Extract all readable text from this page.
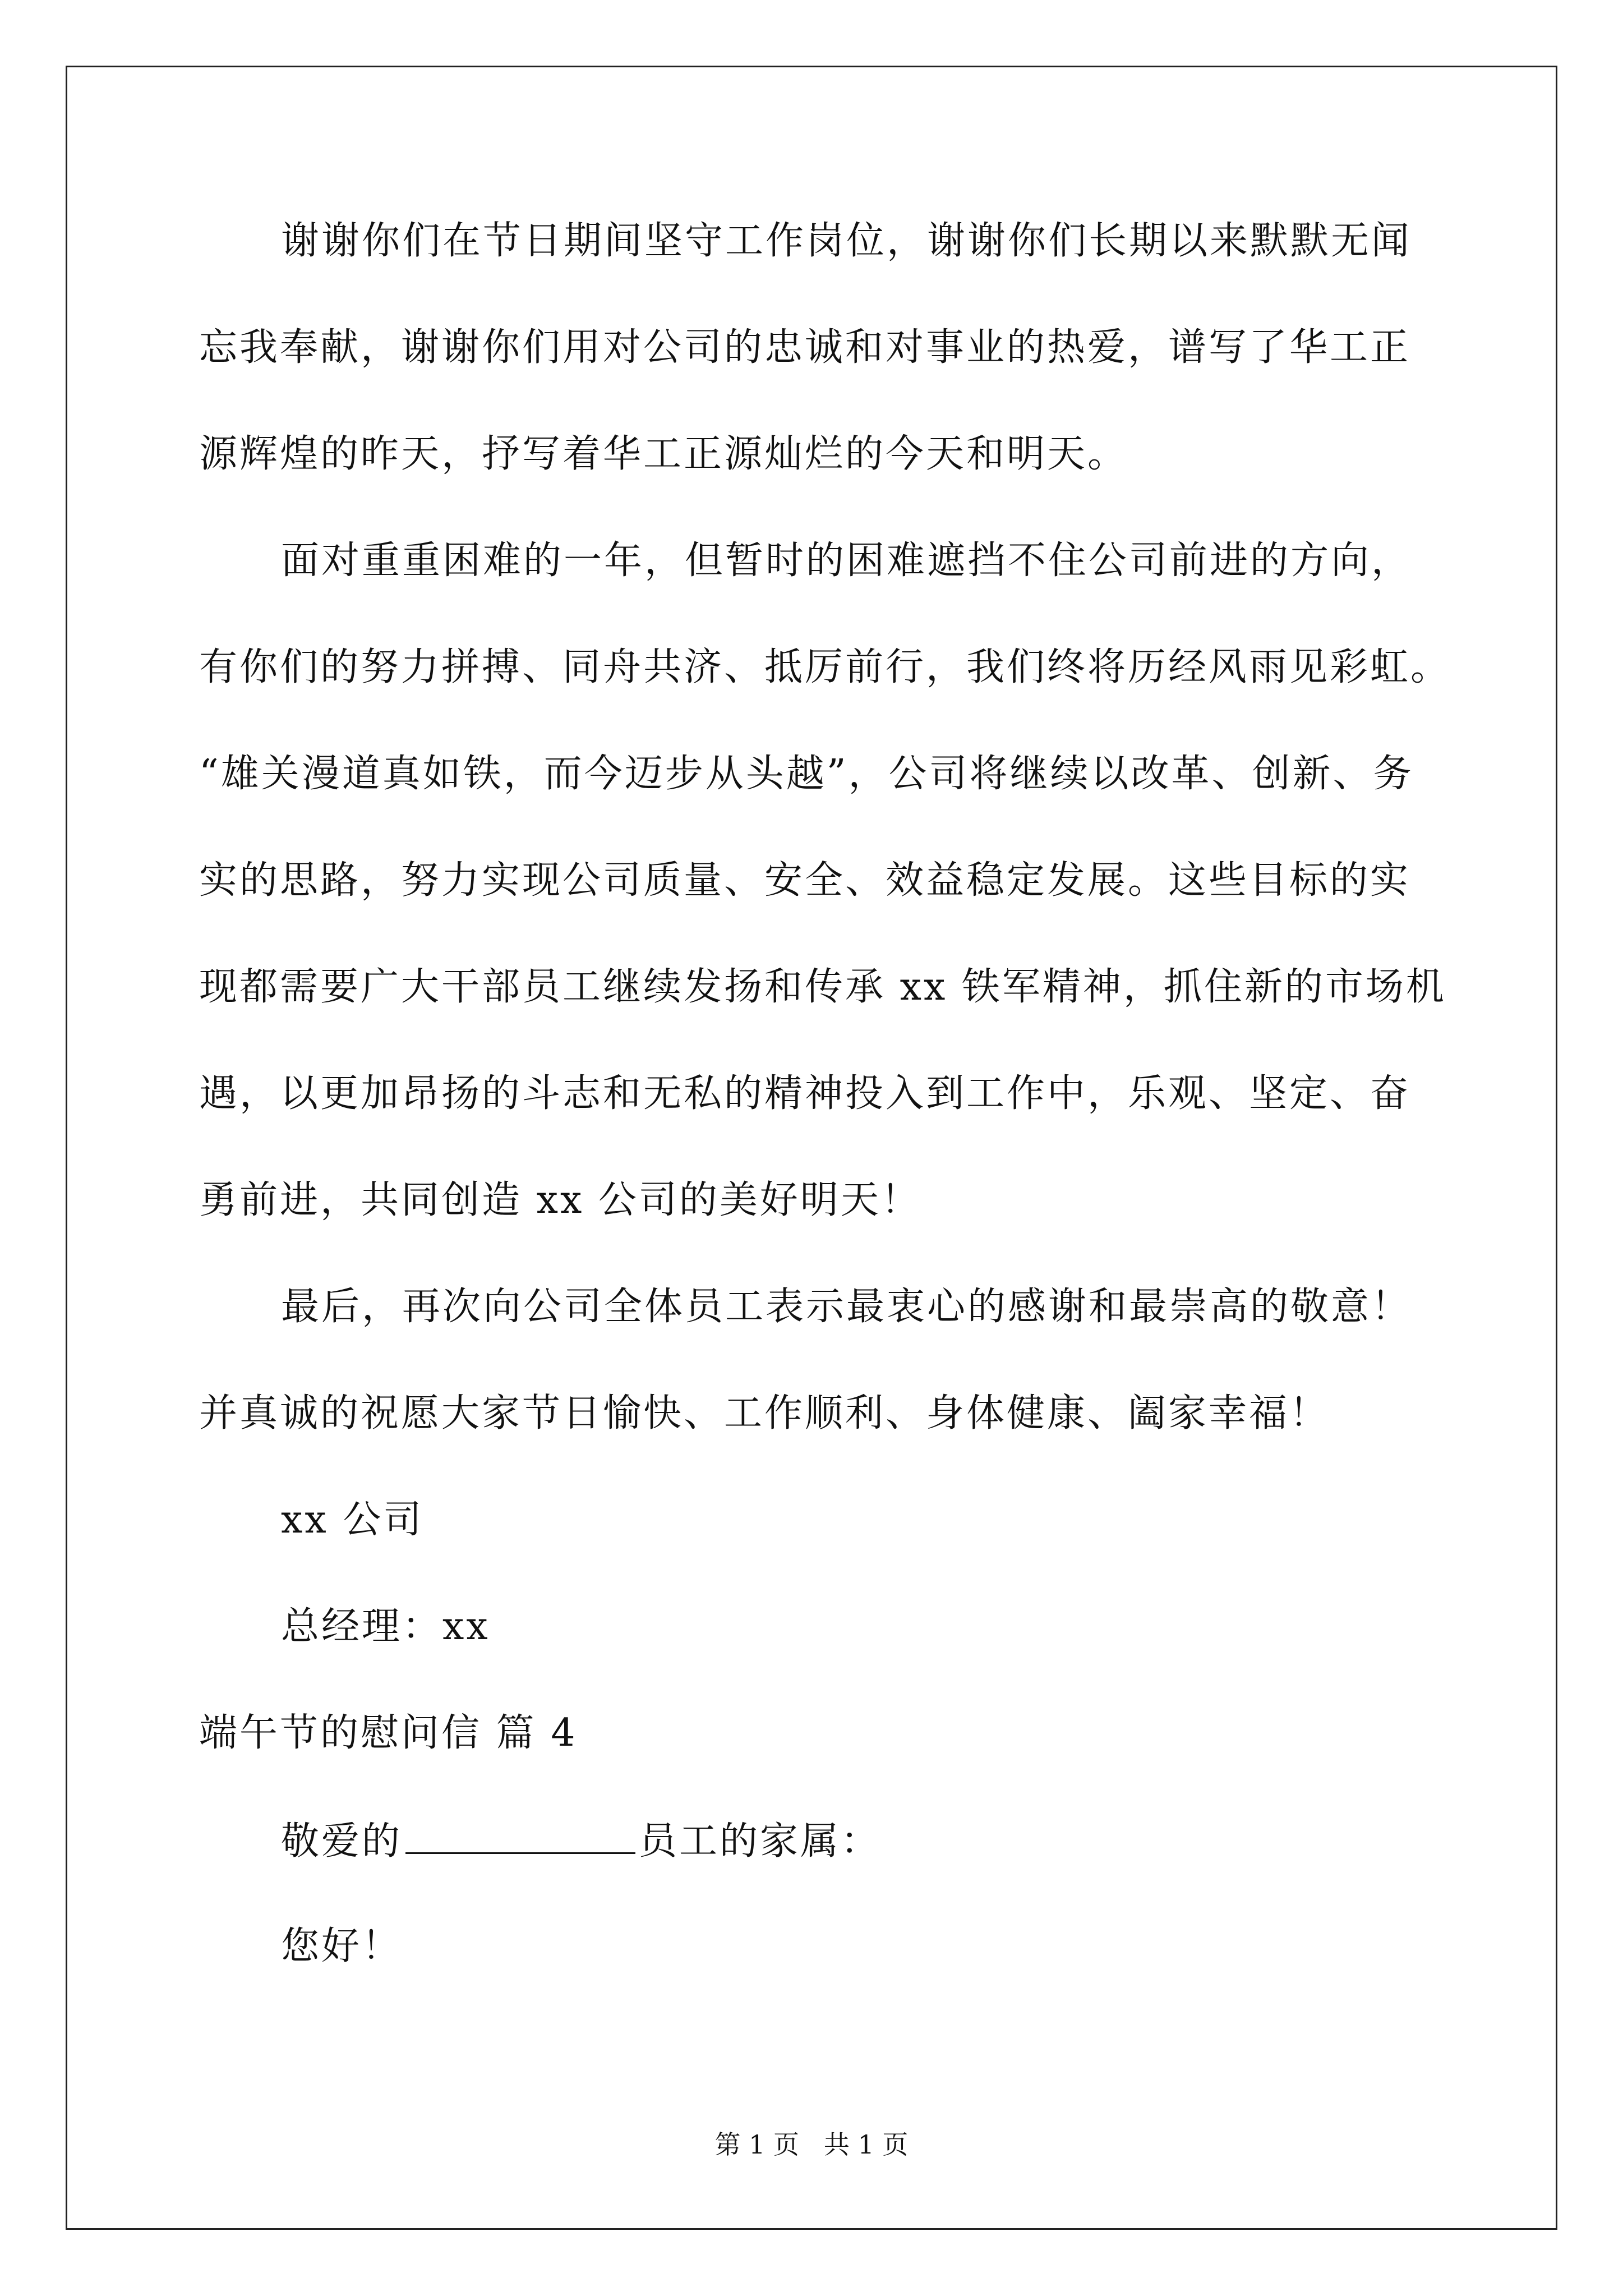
谢谢你们在节日期间坚守工作岗位，谢谢你们长期以来默默无闻
忘我奉献，谢谢你们用对公司的忠诚和对事业的热爱，谱写了华工正
源辉煌的昨天，抒写着华工正源灿烂的今天和明天。
面对重重困难的一年，但暂时的困难遮挡不住公司前进的方向，
有你们的努力拼搏、同舟共济、抵厉前行，我们终将历经风雨见彩虹。
“雄关漫道真如铁，而今迈步从头越”，公司将继续以改革、创新、务
实的思路，努力实现公司质量、安全、效益稳定发展。这些目标的实
现都需要广大干部员工继续发扬和传承 xx 铁军精神，抓住新的市场机
遇，以更加昂扬的斗志和无私的精神投入到工作中，乐观、坚定、奋
勇前进，共同创造 xx 公司的美好明天！
最后，再次向公司全体员工表示最衷心的感谢和最崇高的敬意！
并真诚的祝愿大家节日愉快、工作顺利、身体健康、阖家幸福！
xx 公司
总经理：xx
端午节的慰问信 篇 4
敬爱的	员工的家属：
您好！
第 1 页   共 1 页
